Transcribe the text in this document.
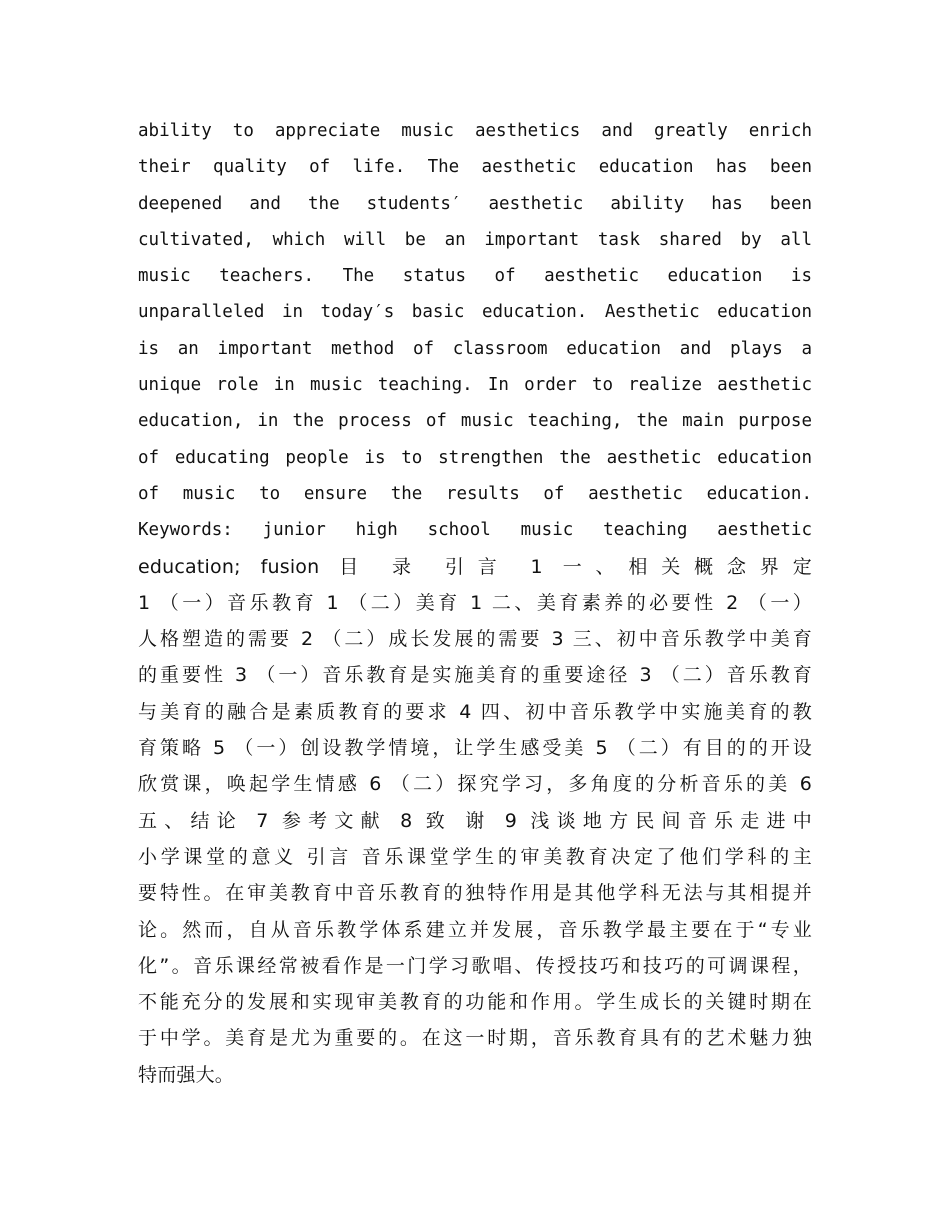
ability to appreciate music aesthetics and greatly enrich
their quality of life. The aesthetic education has been
deepened and the students′ aesthetic ability has been
cultivated, which will be an important task shared by all
music teachers. The status of aesthetic education is
unparalleled in today′s basic education. Aesthetic education
is an important method of classroom education and plays a
unique role in music teaching. In order to realize aesthetic
education, in the process of music teaching, the main purpose
of educating people is to strengthen the aesthetic education
of music to ensure the results of aesthetic education.
Keywords: junior high school music teaching aesthetic
education; fusion 目 录 引言 1 一、相关概念界定
1 （一）音乐教育 1 （二）美育 1 二、美育素养的必要性 2 （一）
人格塑造的需要 2 （二）成长发展的需要 3 三、初中音乐教学中美育
的重要性 3 （一）音乐教育是实施美育的重要途径 3 （二）音乐教育
与美育的融合是素质教育的要求 4 四、初中音乐教学中实施美育的教
育策略 5 （一）创设教学情境，让学生感受美 5 （二）有目的的开设
欣赏课，唤起学生情感 6 （二）探究学习，多角度的分析音乐的美 6
五、结论 7 参考文献 8 致 谢 9 浅谈地方民间音乐走进中
小学课堂的意义 引言 音乐课堂学生的审美教育决定了他们学科的主
要特性。在审美教育中音乐教育的独特作用是其他学科无法与其相提并
论。然而，自从音乐教学体系建立并发展，音乐教学最主要在于“专业
化”。音乐课经常被看作是一门学习歌唱、传授技巧和技巧的可调课程，
不能充分的发展和实现审美教育的功能和作用。学生成长的关键时期在
于中学。美育是尤为重要的。在这一时期，音乐教育具有的艺术魅力独
特而强大。
